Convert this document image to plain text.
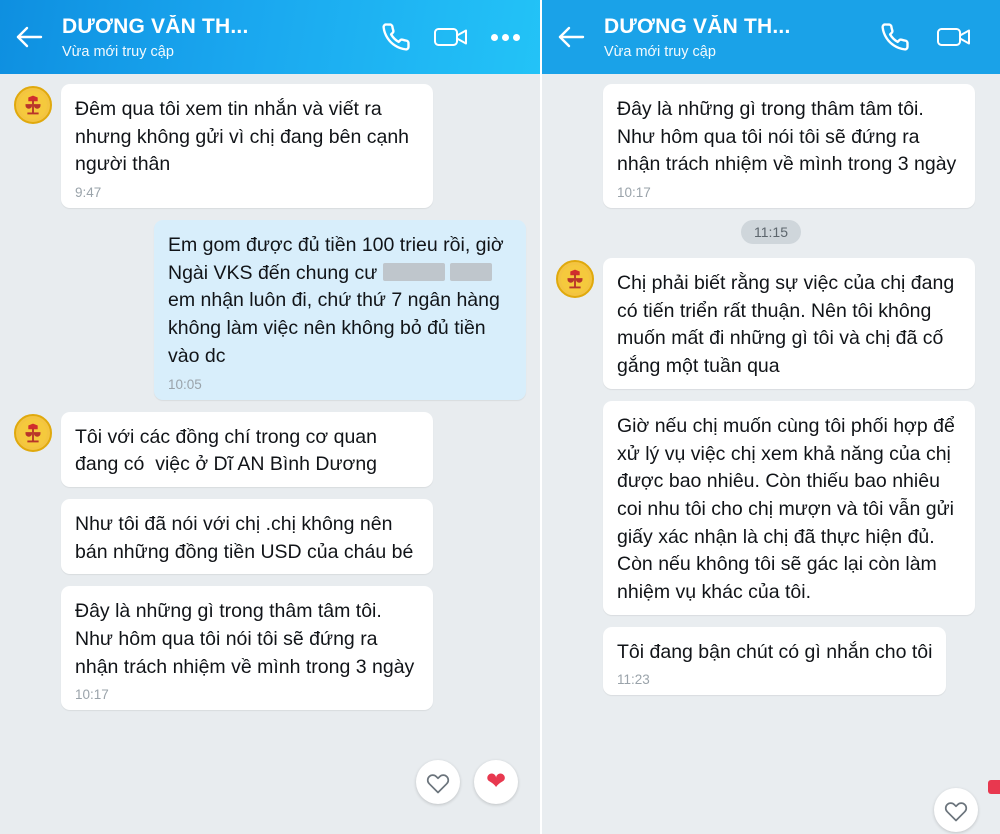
DƯƠNG VĂN TH...
Vừa mới truy cập
Đêm qua tôi xem tin nhắn và viết ra nhưng không gửi vì chị đang bên cạnh người thân
9:47
Em gom được đủ tiền 100 trieu rồi, giờ Ngài VKS đến chung cư	em nhận luôn đi, chứ thứ 7 ngân hàng không làm việc nên không bỏ đủ tiền vào dc
10:05
Tôi với các đồng chí trong cơ quan đang có  việc ở Dĩ AN Bình Dương
Như tôi đã nói với chị .chị không nên bán những đồng tiền USD của cháu bé
Đây là những gì trong thâm tâm tôi. Như hôm qua tôi nói tôi sẽ đứng ra nhận trách nhiệm về mình trong 3 ngày
10:17
❤
DƯƠNG VĂN TH...
Vừa mới truy cập
Đây là những gì trong thâm tâm tôi. Như hôm qua tôi nói tôi sẽ đứng ra nhận trách nhiệm về mình trong 3 ngày
10:17
11:15
Chị phải biết rằng sự việc của chị đang có tiến triển rất thuận. Nên tôi không muốn mất đi những gì tôi và chị đã cố gắng một tuần qua
Giờ nếu chị muốn cùng tôi phối hợp để xử lý vụ việc chị xem khả năng của chị được bao nhiêu. Còn thiếu bao nhiêu coi nhu tôi cho chị mượn và tôi vẫn gửi giấy xác nhận là chị đã thực hiện đủ. Còn nếu không tôi sẽ gác lại còn làm nhiệm vụ khác của tôi.
Tôi đang bận chút có gì nhắn cho tôi
11:23
